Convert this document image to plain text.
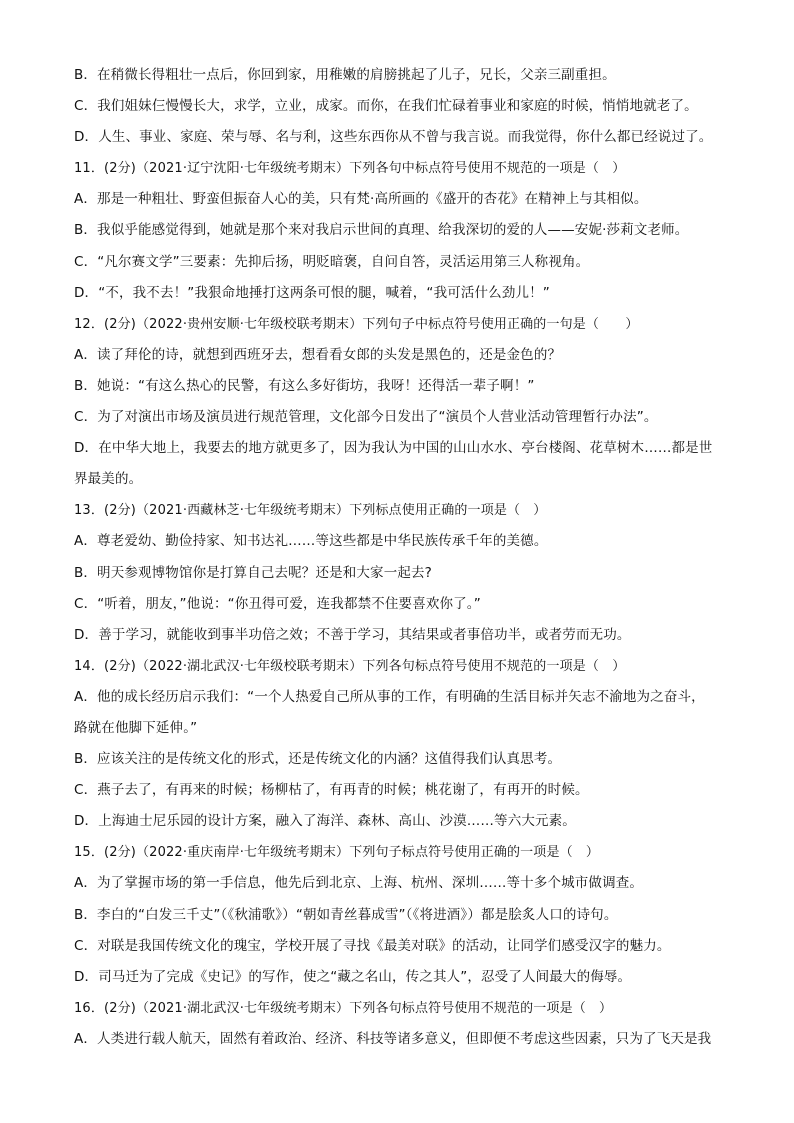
B．在稍微长得粗壮一点后，你回到家，用稚嫩的肩膀挑起了儿子，兄长，父亲三副重担。
C．我们姐妹仨慢慢长大，求学，立业，成家。而你，在我们忙碌着事业和家庭的时候，悄悄地就老了。
D．人生、事业、家庭、荣与辱、名与利，这些东西你从不曾与我言说。而我觉得，你什么都已经说过了。
11．(2分)（2021·辽宁沈阳·七年级统考期末）下列各句中标点符号使用不规范的一项是（　）
A．那是一种粗壮、野蛮但振奋人心的美，只有梵·高所画的《盛开的杏花》在精神上与其相似。
B．我似乎能感觉得到，她就是那个来对我启示世间的真理、给我深切的爱的人——安妮·莎莉文老师。
C．“凡尔赛文学”三要素：先抑后扬，明贬暗褒，自问自答，灵活运用第三人称视角。
D．“不，我不去！”我狠命地捶打这两条可恨的腿，喊着，“我可活什么劲儿！”
12．(2分)（2022·贵州安顺·七年级校联考期末）下列句子中标点符号使用正确的一句是（　　）
A．读了拜伦的诗，就想到西班牙去，想看看女郎的头发是黑色的，还是金色的？
B．她说：“有这么热心的民警，有这么多好街坊，我呀！还得活一辈子啊！”
C．为了对演出市场及演员进行规范管理，文化部今日发出了“演员个人营业活动管理暂行办法”。
D．在中华大地上，我要去的地方就更多了，因为我认为中国的山山水水、亭台楼阁、花草树木……都是世
界最美的。
13．(2分)（2021·西藏林芝·七年级统考期末）下列标点使用正确的一项是（　）
A．尊老爱幼、勤俭持家、知书达礼……等这些都是中华民族传承千年的美德。
B．明天参观博物馆你是打算自己去呢？还是和大家一起去?
C．“听着，朋友，”他说：“你丑得可爱，连我都禁不住要喜欢你了。”
D．善于学习，就能收到事半功倍之效；不善于学习，其结果或者事倍功半，或者劳而无功。
14．(2分)（2022·湖北武汉·七年级校联考期末）下列各句标点符号使用不规范的一项是（　）
A．他的成长经历启示我们：“一个人热爱自己所从事的工作，有明确的生活目标并矢志不渝地为之奋斗，
路就在他脚下延伸。”
B．应该关注的是传统文化的形式，还是传统文化的内涵？这值得我们认真思考。
C．燕子去了，有再来的时候；杨柳枯了，有再青的时候；桃花谢了，有再开的时候。
D．上海迪士尼乐园的设计方案，融入了海洋、森林、高山、沙漠……等六大元素。
15．(2分)（2022·重庆南岸·七年级统考期末）下列句子标点符号使用正确的一项是（　）
A．为了掌握市场的第一手信息，他先后到北京、上海、杭州、深圳……等十多个城市做调查。
B．李白的“白发三千丈”（《秋浦歌》）“朝如青丝暮成雪”（《将进酒》）都是脍炙人口的诗句。
C．对联是我国传统文化的瑰宝，学校开展了寻找《最美对联》的活动，让同学们感受汉字的魅力。
D．司马迁为了完成《史记》的写作，使之“藏之名山，传之其人”，忍受了人间最大的侮辱。
16．(2分)（2021·湖北武汉·七年级统考期末）下列各句标点符号使用不规范的一项是（　）
A．人类进行载人航天，固然有着政治、经济、科技等诸多意义，但即便不考虑这些因素，只为了飞天是我
